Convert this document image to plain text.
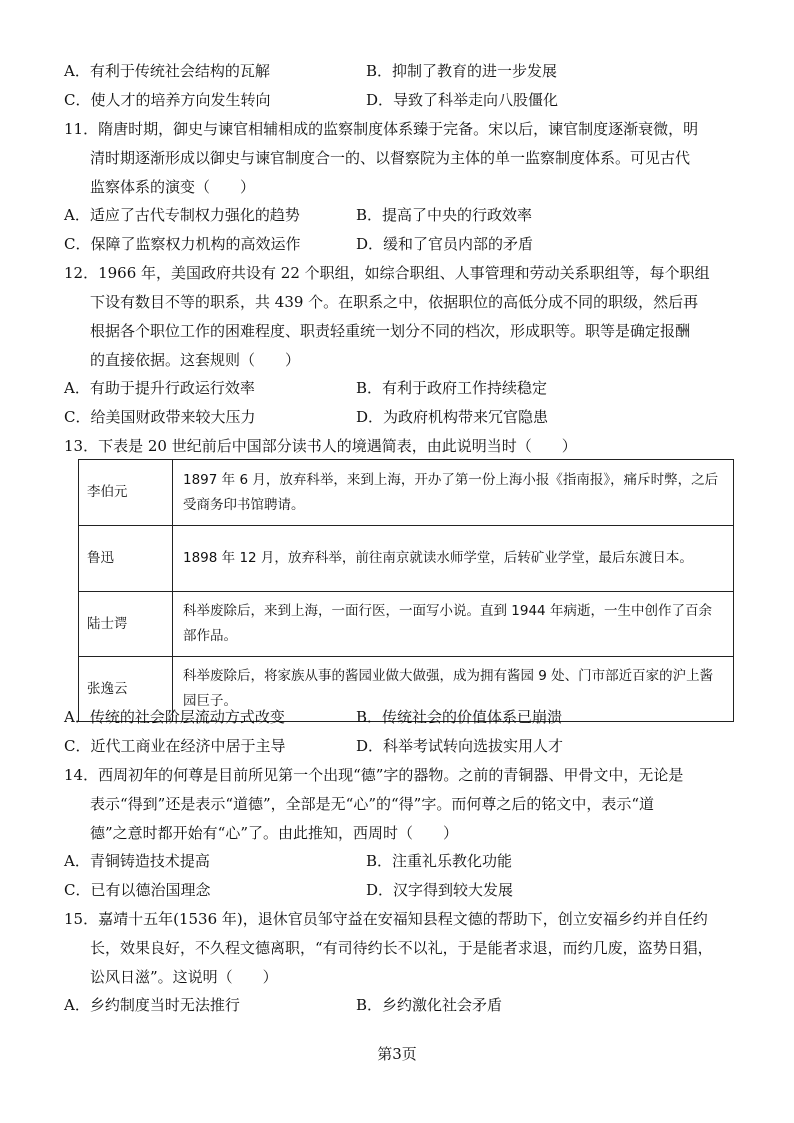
A．有利于传统社会结构的瓦解	B．抑制了教育的进一步发展
C．使人才的培养方向发生转向	D．导致了科举走向八股僵化
11．隋唐时期，御史与谏官相辅相成的监察制度体系臻于完备。宋以后，谏官制度逐渐衰微，明
清时期逐渐形成以御史与谏官制度合一的、以督察院为主体的单一监察制度体系。可见古代
监察体系的演变（　　）
A．适应了古代专制权力强化的趋势	B．提高了中央的行政效率
C．保障了监察权力机构的高效运作	D．缓和了官员内部的矛盾
12．1966 年，美国政府共设有 22 个职组，如综合职组、人事管理和劳动关系职组等，每个职组
下设有数目不等的职系，共 439 个。在职系之中，依据职位的高低分成不同的职级，然后再
根据各个职位工作的困难程度、职责轻重统一划分不同的档次，形成职等。职等是确定报酬
的直接依据。这套规则（　　）
A．有助于提升行政运行效率	B．有利于政府工作持续稳定
C．给美国财政带来较大压力	D．为政府机构带来冗官隐患
13．下表是 20 世纪前后中国部分读书人的境遇简表，由此说明当时（　　）
李伯元	1897 年 6 月，放弃科举，来到上海，开办了第一份上海小报《指南报》，痛斥时弊，之后受商务印书馆聘请。
鲁迅	1898 年 12 月，放弃科举，前往南京就读水师学堂，后转矿业学堂，最后东渡日本。
陆士谔	科举废除后，来到上海，一面行医，一面写小说。直到 1944 年病逝，一生中创作了百余部作品。
张逸云	科举废除后，将家族从事的酱园业做大做强，成为拥有酱园 9 处、门市部近百家的沪上酱园巨子。
A．传统的社会阶层流动方式改变	B．传统社会的价值体系已崩溃
C．近代工商业在经济中居于主导	D．科举考试转向选拔实用人才
14．西周初年的何尊是目前所见第一个出现“德”字的器物。之前的青铜器、甲骨文中，无论是
表示“得到”还是表示“道德”，全部是无“心”的“得”字。而何尊之后的铭文中，表示“道
德”之意时都开始有“心”了。由此推知，西周时（　　）
A．青铜铸造技术提高	B．注重礼乐教化功能
C．已有以德治国理念	D．汉字得到较大发展
15．嘉靖十五年(1536 年)，退休官员邹守益在安福知县程文德的帮助下，创立安福乡约并自任约
长，效果良好，不久程文德离职，“有司待约长不以礼，于是能者求退，而约几废，盗势日猖，
讼风日滋”。这说明（　　）
A．乡约制度当时无法推行	B．乡约激化社会矛盾
第3页
